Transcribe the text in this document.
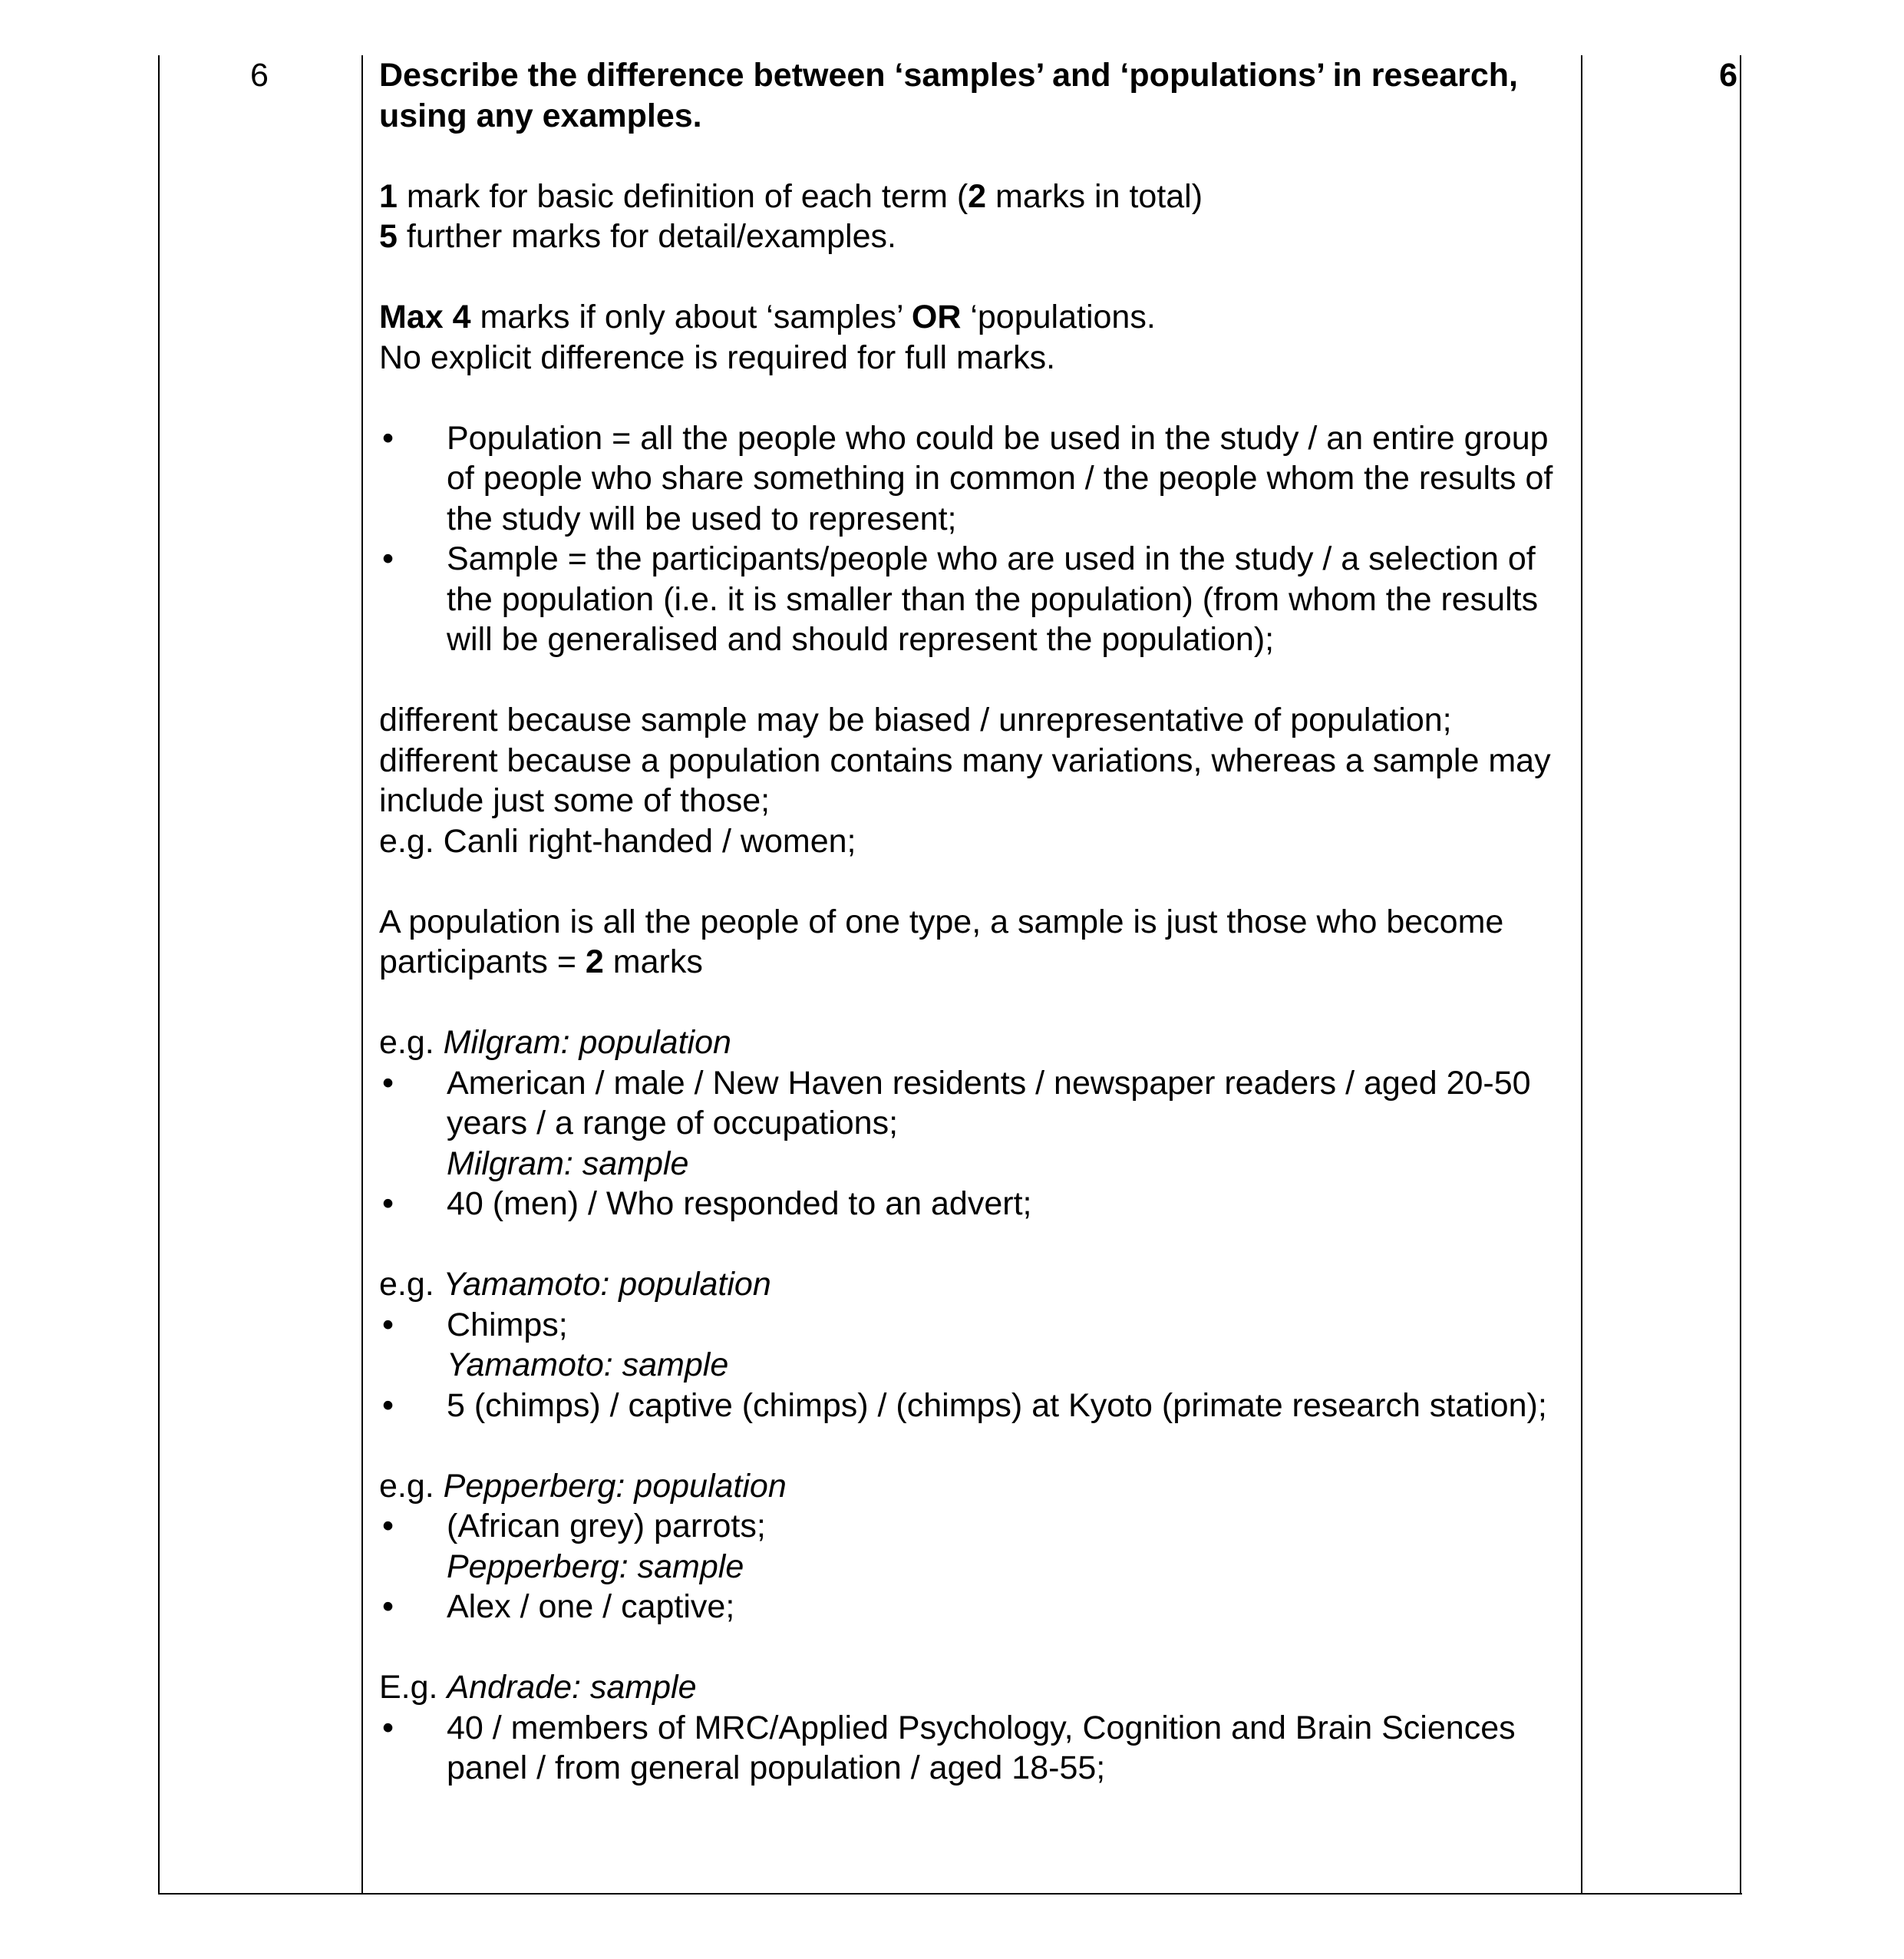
6	6

Describe the difference between ‘samples’ and ‘populations’ in research, using any examples.

1 mark for basic definition of each term (2 marks in total)

5 further marks for detail/examples.

Max 4 marks if only about ‘samples’ OR ‘populations.

No explicit difference is required for full marks.

• Population = all the people who could be used in the study / an entire group of people who share something in common / the people whom the results of the study will be used to represent;

• Sample = the participants/people who are used in the study / a selection of the population (i.e. it is smaller than the population) (from whom the results will be generalised and should represent the population);

different because sample may be biased / unrepresentative of population;

different because a population contains many variations, whereas a sample may include just some of those;

e.g. Canli right-handed / women;

A population is all the people of one type, a sample is just those who become participants = 2 marks

e.g. Milgram: population

• American / male / New Haven residents / newspaper readers / aged 20-50 years / a range of occupations;

Milgram: sample

• 40 (men) / Who responded to an advert;

e.g. Yamamoto: population

• Chimps;

Yamamoto: sample

• 5 (chimps) / captive (chimps) / (chimps) at Kyoto (primate research station);

e.g. Pepperberg: population

• (African grey) parrots;

Pepperberg: sample

• Alex / one / captive;

E.g. Andrade: sample

• 40 / members of MRC/Applied Psychology, Cognition and Brain Sciences panel / from general population / aged 18-55;
